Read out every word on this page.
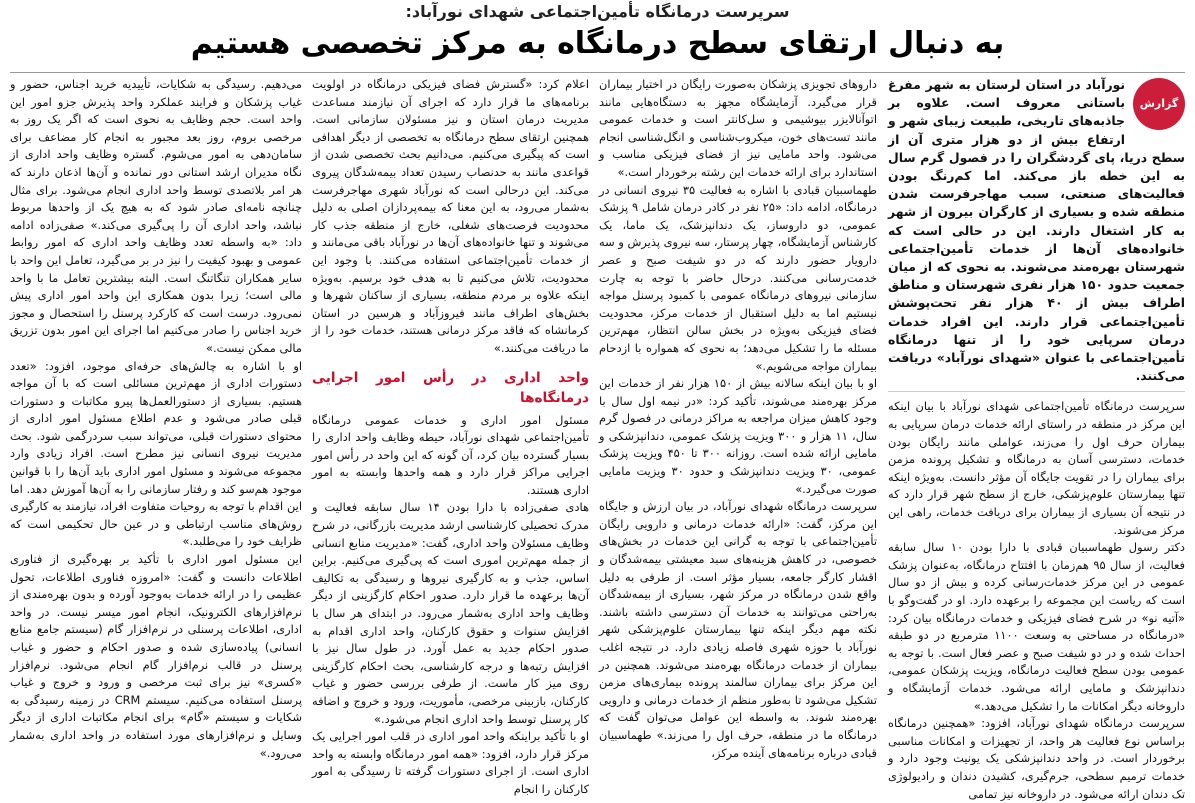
سرپرست درمانگاه تأمین‌اجتماعی شهدای نورآباد:
به دنبال ارتقای سطح درمانگاه به مرکز تخصصی هستیم
گزارش

نورآباد در استان لرستان به شهر مفرغ باستانی معروف است. علاوه بر جاذبه‌های تاریخی، طبیعت زیبای شهر و ارتفاع بیش از دو هزار متری آن از سطح دریا، پای گردشگران را در فصول گرم سال به این خطه باز می‌کند. اما کم‌رنگ بودن فعالیت‌های صنعتی، سبب مهاجرفرست شدن منطقه شده و بسیاری از کارگران بیرون از شهر به کار اشتغال دارند. این در حالی است که خانواده‌های آن‌ها از خدمات تأمین‌اجتماعی شهرستان بهره‌مند می‌شوند. به نحوی که از میان جمعیت حدود ۱۵۰ هزار نفری شهرستان و مناطق اطراف بیش از ۴۰ هزار نفر تحت‌پوشش تأمین‌اجتماعی قرار دارند. این افراد خدمات درمان سرپایی خود را از تنها درمانگاه تأمین‌اجتماعی با عنوان «شهدای نورآباد» دریافت می‌کنند.

سرپرست درمانگاه تأمین‌اجتماعی شهدای نورآباد با بیان اینکه این مرکز در منطقه در راستای ارائه خدمات درمان سرپایی به بیماران حرف اول را می‌زند، عواملی مانند رایگان بودن خدمات، دسترسی آسان به درمانگاه و تشکیل پرونده مزمن برای بیماران را در تقویت جایگاه آن مؤثر دانست. به‌ویژه اینکه تنها بیمارستان علوم‌پزشکی، خارج از سطح شهر قرار دارد که در نتیجه آن بسیاری از بیماران برای دریافت خدمات، راهی این مرکز می‌شوند.

دکتر رسول طهماسبیان قبادی با دارا بودن ۱۰ سال سابقه فعالیت، از سال ۹۵ هم‌زمان با افتتاح درمانگاه، به‌عنوان پزشک عمومی در این مرکز خدمات‌رسانی کرده و بیش از دو سال است که ریاست این مجموعه را برعهده دارد. او در گفت‌وگو با «آتیه نو» در شرح فضای فیزیکی و خدمات درمانگاه بیان کرد: «درمانگاه در مساحتی به وسعت ۱۱۰۰ مترمربع در دو طبقه احداث شده و در دو شیفت صبح و عصر فعال است. با توجه به عمومی بودن سطح فعالیت درمانگاه، ویزیت پزشکان عمومی، دندانپزشک و مامایی ارائه می‌شود. خدمات آزمایشگاه و داروخانه دیگر امکانات ما را تشکیل می‌دهد.»

سرپرست درمانگاه شهدای نورآباد، افزود: «همچنین درمانگاه براساس نوع فعالیت هر واحد، از تجهیزات و امکانات مناسبی برخوردار است. در واحد دندانپزشکی یک یونیت وجود دارد و خدمات ترمیم سطحی، جرم‌گیری، کشیدن دندان و رادیولوژی تک دندان ارائه می‌شود. در داروخانه نیز تمامی

داروهای تجویزی پزشکان به‌صورت رایگان در اختیار بیماران قرار می‌گیرد. آزمایشگاه مجهز به دستگاه‌هایی مانند اتوآنالایزر بیوشیمی و سل‌کانتر است و خدمات عمومی مانند تست‌های خون، میکروب‌شناسی و انگل‌شناسی انجام می‌شود. واحد مامایی نیز از فضای فیزیکی مناسب و استاندارد برای ارائه خدمات این رشته برخوردار است.»

طهماسبیان قبادی با اشاره به فعالیت ۳۵ نیروی انسانی در درمانگاه، ادامه داد: «۲۵ نفر در کادر درمان شامل ۹ پزشک عمومی، دو داروساز، یک دندانپزشک، یک ماما، یک کارشناس آزمایشگاه، چهار پرستار، سه نیروی پذیرش و سه دارویار حضور دارند که در دو شیفت صبح و عصر خدمت‌رسانی می‌کنند. درحال حاضر با توجه به چارت سازمانی نیروهای درمانگاه عمومی با کمبود پرسنل مواجه نیستیم اما به دلیل استقبال از خدمات مرکز، محدودیت فضای فیزیکی به‌ویژه در بخش سالن انتظار، مهم‌ترین مسئله ما را تشکیل می‌دهد؛ به نحوی که همواره با ازدحام بیماران مواجه می‌شویم.»

او با بیان اینکه سالانه بیش از ۱۵۰ هزار نفر از خدمات این مرکز بهره‌مند می‌شوند، تأکید کرد: «در نیمه اول سال با وجود کاهش میزان مراجعه به مراکز درمانی در فصول گرم سال، ۱۱ هزار و ۳۰۰ ویزیت پزشک عمومی، دندانپزشکی و مامایی ارائه شده است. روزانه ۳۰۰ تا ۴۵۰ ویزیت پزشک عمومی، ۳۰ ویزیت دندانپزشک و حدود ۳۰ ویزیت مامایی صورت می‌گیرد.»

سرپرست درمانگاه شهدای نورآباد، در بیان ارزش و جایگاه این مرکز، گفت: «ارائه خدمات درمانی و دارویی رایگان تأمین‌اجتماعی با توجه به گرانی این خدمات در بخش‌های خصوصی، در کاهش هزینه‌های سبد معیشتی بیمه‌شدگان و اقشار کارگر جامعه، بسیار مؤثر است. از طرفی به دلیل واقع شدن درمانگاه در مرکز شهر، بسیاری از بیمه‌شدگان به‌راحتی می‌توانند به خدمات آن دسترسی داشته باشند. نکته مهم دیگر اینکه تنها بیمارستان علوم‌پزشکی شهر نورآباد با حوزه شهری فاصله زیادی دارد. در نتیجه اغلب بیماران از خدمات درمانگاه بهره‌مند می‌شوند. همچنین در این مرکز برای بیماران سالمند پرونده بیماری‌های مزمن تشکیل می‌شود تا به‌طور منظم از خدمات درمانی و دارویی بهره‌مند شوند. به واسطه این عوامل می‌توان گفت که درمانگاه ما در منطقه، حرف اول را می‌زند.» طهماسبیان قبادی درباره برنامه‌های آینده مرکز،

اعلام کرد: «گسترش فضای فیزیکی درمانگاه در اولویت برنامه‌های ما قرار دارد که اجرای آن نیازمند مساعدت مدیریت درمان استان و نیز مسئولان سازمانی است. همچنین ارتقای سطح درمانگاه به تخصصی از دیگر اهدافی است که پیگیری می‌کنیم. می‌دانیم بحث تخصصی شدن از قواعدی مانند به حدنصاب رسیدن تعداد بیمه‌شدگان پیروی می‌کند. این درحالی است که نورآباد شهری مهاجرفرست به‌شمار می‌رود، به این معنا که بیمه‌پردازان اصلی به دلیل محدودیت فرصت‌های شغلی، خارج از منطقه جذب کار می‌شوند و تنها خانواده‌های آن‌ها در نورآباد باقی می‌مانند و از خدمات تأمین‌اجتماعی استفاده می‌کنند. با وجود این محدودیت، تلاش می‌کنیم تا به هدف خود برسیم. به‌ویژه اینکه علاوه بر مردم منطقه، بسیاری از ساکنان شهرها و بخش‌های اطراف مانند فیروزآباد و هرسین در استان کرمانشاه که فاقد مرکز درمانی هستند، خدمات خود را از ما دریافت می‌کنند.»

واحد اداری در رأس امور اجرایی درمانگاه‌ها

مسئول امور اداری و خدمات عمومی درمانگاه تأمین‌اجتماعی شهدای نورآباد، حیطه وظایف واحد اداری را بسیار گسترده بیان کرد، آن گونه که این واحد در رأس امور اجرایی مراکز قرار دارد و همه واحدها وابسته به امور اداری هستند.

هادی صفی‌زاده با دارا بودن ۱۴ سال سابقه فعالیت و مدرک تحصیلی کارشناسی ارشد مدیریت بازرگانی، در شرح وظایف مسئولان واحد اداری، گفت: «مدیریت منابع انسانی از جمله مهم‌ترین اموری است که پی‌گیری می‌کنیم. براین اساس، جذب و به کارگیری نیروها و رسیدگی به تکالیف آن‌ها برعهده ما قرار دارد. صدور احکام کارگزینی از دیگر وظایف واحد اداری به‌شمار می‌رود. در ابتدای هر سال با افزایش سنوات و حقوق کارکنان، واحد اداری اقدام به صدور احکام جدید به عمل آورد. در طول سال نیز با افزایش رتبه‌ها و درجه کارشناسی، بحث احکام کارگزینی روی میز کار ماست. از طرفی بررسی حضور و غیاب کارکنان، بازبینی مرخصی، مأموریت، ورود و خروج و اضافه کار پرسنل توسط واحد اداری انجام می‌شود.»

او با تأکید براینکه واحد امور اداری در قلب امور اجرایی یک مرکز قرار دارد، افزود: «همه امور درمانگاه وابسته به واحد اداری است. از اجرای دستورات گرفته تا رسیدگی به امور کارکنان را انجام

می‌دهیم. رسیدگی به شکایات، تأییدیه خرید اجناس، حضور و غیاب پزشکان و فرایند عملکرد واحد پذیرش جزو امور این واحد است. حجم وظایف به نحوی است که اگر یک روز به مرخصی بروم، روز بعد مجبور به انجام کار مضاعف برای سامان‌دهی به امور می‌شوم. گستره وظایف واحد اداری از نگاه مدیران ارشد استانی دور نمانده و آن‌ها اذعان دارند که هر امر بلاتصدی توسط واحد اداری انجام می‌شود. برای مثال چنانچه نامه‌ای صادر شود که به هیچ یک از واحدها مربوط نباشد، واحد اداری آن را پی‌گیری می‌کند.» صفی‌زاده ادامه داد: «به واسطه تعدد وظایف واحد اداری که امور روابط عمومی و بهبود کیفیت را نیز در بر می‌گیرد، تعامل این واحد با سایر همکاران تنگاتنگ است. البته بیشترین تعامل ما با واحد مالی است؛ زیرا بدون همکاری این واحد امور اداری پیش نمی‌رود. درست است که کارکرد پرسنل را استحصال و مجوز خرید اجناس را صادر می‌کنیم اما اجرای این امور بدون تزریق مالی ممکن نیست.»

او با اشاره به چالش‌های حرفه‌ای موجود، افزود: «تعدد دستورات اداری از مهم‌ترین مسائلی است که با آن مواجه هستیم. بسیاری از دستورالعمل‌ها پیرو مکاتبات و دستورات قبلی صادر می‌شود و عدم اطلاع مسئول امور اداری از محتوای دستورات قبلی، می‌تواند سبب سردرگمی شود. بحث مدیریت نیروی انسانی نیز مطرح است. افراد زیادی وارد مجموعه می‌شوند و مسئول امور اداری باید آن‌ها را با قوانین موجود هم‌سو کند و رفتار سازمانی را به آن‌ها آموزش دهد. اما این اقدام با توجه به روحیات متفاوت افراد، نیازمند به کارگیری روش‌های مناسب ارتباطی و در عین حال تحکیمی است که ظرایف خود را می‌طلبد.»

این مسئول امور اداری با تأکید بر بهره‌گیری از فناوری اطلاعات دانست و گفت: «امروزه فناوری اطلاعات، تحول عظیمی را در ارائه خدمات به‌وجود آورده و بدون بهره‌مندی از نرم‌افزارهای الکترونیک، انجام امور میسر نیست. در واحد اداری، اطلاعات پرسنلی در نرم‌افزار گام (سیستم جامع منابع انسانی) پیاده‌سازی شده و صدور احکام و حضور و غیاب پرسنل در قالب نرم‌افزار گام انجام می‌شود. نرم‌افزار «کسری» نیز برای ثبت مرخصی و ورود و خروج و غیاب پرسنل استفاده می‌کنیم. سیستم CRM در زمینه رسیدگی به شکایات و سیستم «گام» برای انجام مکاتبات اداری از دیگر وسایل و نرم‌افزارهای مورد استفاده در واحد اداری به‌شمار می‌رود.»
